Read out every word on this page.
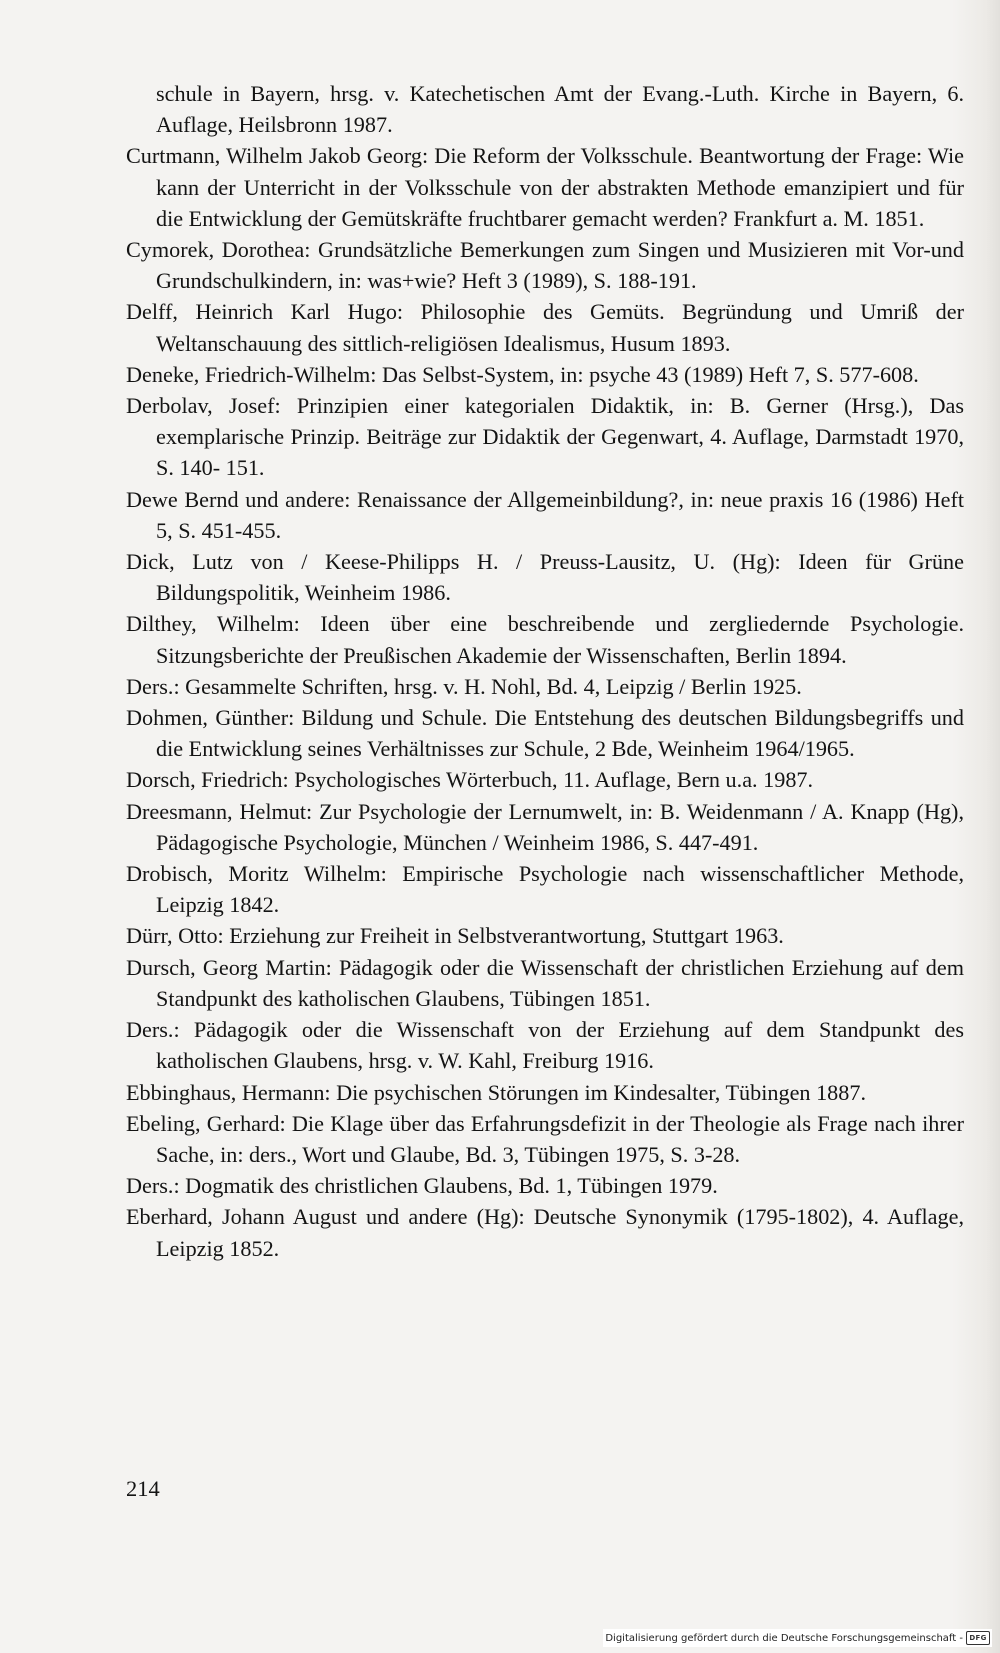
schule in Bayern, hrsg. v. Katechetischen Amt der Evang.-Luth. Kirche in Bayern, 6. Auflage, Heilsbronn 1987.

Curtmann, Wilhelm Jakob Georg: Die Reform der Volksschule. Beantwortung der Frage: Wie kann der Unterricht in der Volksschule von der abstrakten Methode emanzipiert und für die Entwicklung der Gemütskräfte fruchtbarer gemacht werden? Frankfurt a. M. 1851.

Cymorek, Dorothea: Grundsätzliche Bemerkungen zum Singen und Musizieren mit Vor-und Grundschulkindern, in: was+wie? Heft 3 (1989), S. 188-191.

Delff, Heinrich Karl Hugo: Philosophie des Gemüts. Begründung und Umriß der Weltanschauung des sittlich-religiösen Idealismus, Husum 1893.

Deneke, Friedrich-Wilhelm: Das Selbst-System, in: psyche 43 (1989) Heft 7, S. 577-608.

Derbolav, Josef: Prinzipien einer kategorialen Didaktik, in: B. Gerner (Hrsg.), Das exemplarische Prinzip. Beiträge zur Didaktik der Gegenwart, 4. Auflage, Darmstadt 1970, S. 140- 151.

Dewe Bernd und andere: Renaissance der Allgemeinbildung?, in: neue praxis 16 (1986) Heft 5, S. 451-455.

Dick, Lutz von / Keese-Philipps H. / Preuss-Lausitz, U. (Hg): Ideen für Grüne Bildungspolitik, Weinheim 1986.

Dilthey, Wilhelm: Ideen über eine beschreibende und zergliedernde Psychologie. Sitzungsberichte der Preußischen Akademie der Wissenschaften, Berlin 1894.

Ders.: Gesammelte Schriften, hrsg. v. H. Nohl, Bd. 4, Leipzig / Berlin 1925.

Dohmen, Günther: Bildung und Schule. Die Entstehung des deutschen Bildungsbegriffs und die Entwicklung seines Verhältnisses zur Schule, 2 Bde, Weinheim 1964/1965.

Dorsch, Friedrich: Psychologisches Wörterbuch, 11. Auflage, Bern u.a. 1987.

Dreesmann, Helmut: Zur Psychologie der Lernumwelt, in: B. Weidenmann / A. Knapp (Hg), Pädagogische Psychologie, München / Weinheim 1986, S. 447-491.

Drobisch, Moritz Wilhelm: Empirische Psychologie nach wissenschaftlicher Methode, Leipzig 1842.

Dürr, Otto: Erziehung zur Freiheit in Selbstverantwortung, Stuttgart 1963.

Dursch, Georg Martin: Pädagogik oder die Wissenschaft der christlichen Erziehung auf dem Standpunkt des katholischen Glaubens, Tübingen 1851.

Ders.: Pädagogik oder die Wissenschaft von der Erziehung auf dem Standpunkt des katholischen Glaubens, hrsg. v. W. Kahl, Freiburg 1916.

Ebbinghaus, Hermann: Die psychischen Störungen im Kindesalter, Tübingen 1887.

Ebeling, Gerhard: Die Klage über das Erfahrungsdefizit in der Theologie als Frage nach ihrer Sache, in: ders., Wort und Glaube, Bd. 3, Tübingen 1975, S. 3-28.

Ders.: Dogmatik des christlichen Glaubens, Bd. 1, Tübingen 1979.

Eberhard, Johann August und andere (Hg): Deutsche Synonymik (1795-1802), 4. Auflage, Leipzig 1852.

214
Digitalisierung gefördert durch die Deutsche Forschungsgemeinschaft - DFG
